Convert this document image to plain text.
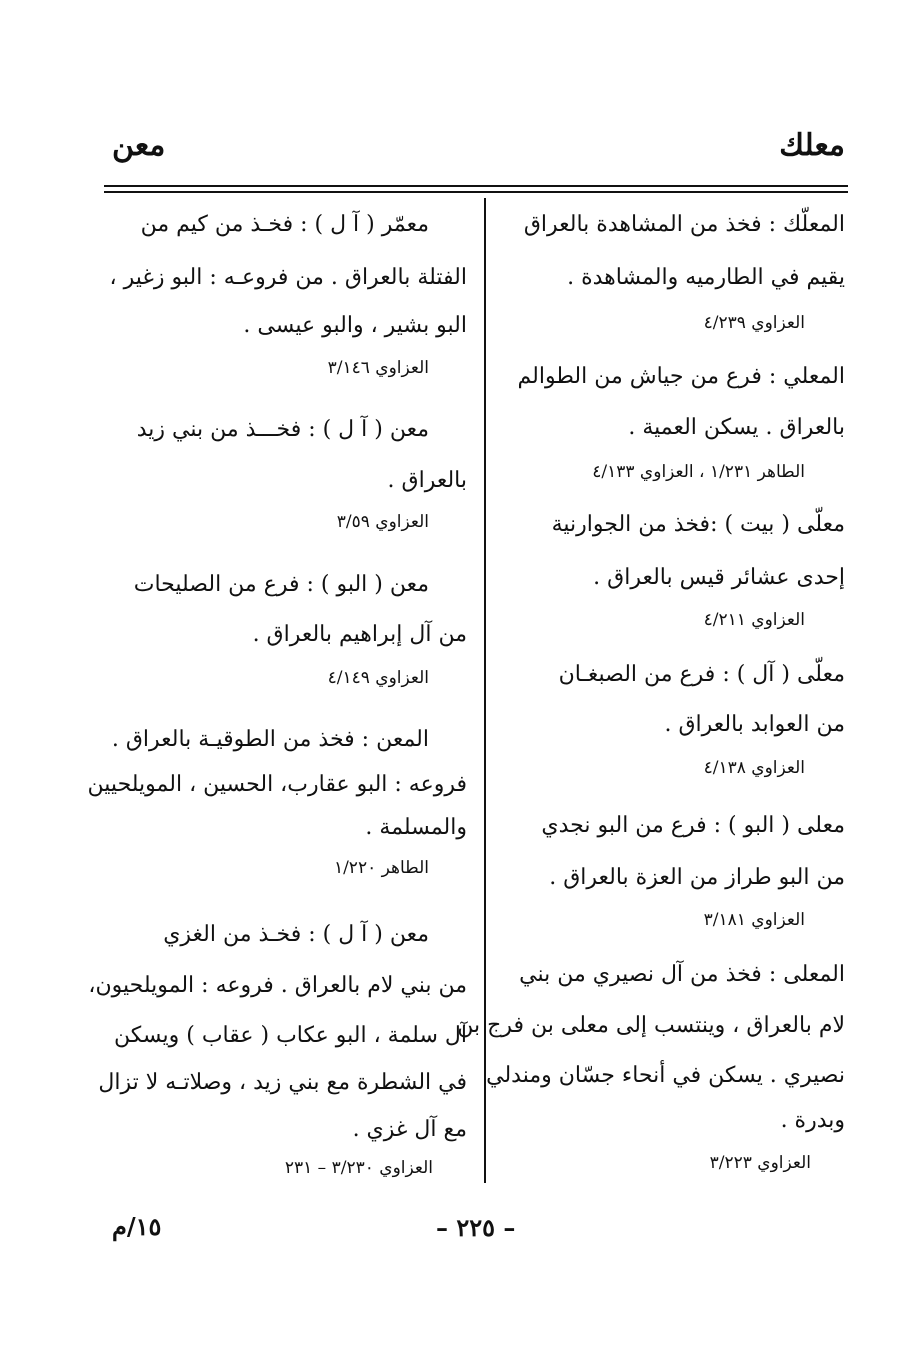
معلك
معن
المعلّك : فخذ من المشاهدة بالعراق
يقيم في الطارميه والمشاهدة .
العزاوي ٤/٢٣٩
المعلي : فرع من جياش من الطوالم
بالعراق . يسكن العمية .
الطاهر ١/٢٣١ ، العزاوي ٤/١٣٣
معلّى ( بيت ) :فخذ من الجوارنية
إحدى عشائر قيس بالعراق .
العزاوي ٤/٢١١
معلّى ( آل ) : فرع من الصبغـان
من العوابد بالعراق .
العزاوي ٤/١٣٨
معلى ( البو ) : فرع من البو نجدي
من البو طراز من العزة بالعراق .
العزاوي ٣/١٨١
المعلى : فخذ من آل نصيري من بني
لام بالعراق ، وينتسب إلى معلى بن فرج بن
نصيري . يسكن في أنحاء جسّان ومندلي
وبدرة .
العزاوي ٣/٢٢٣
معمّر ( آ ل ) : فخـذ من كيم من
الفتلة بالعراق . من فروعـه : البو زغير ،
البو بشير ، والبو عيسى .
العزاوي ٣/١٤٦
معن ( آ ل ) : فخـــذ من بني زيد
بالعراق .
العزاوي ٣/٥٩
معن ( البو ) : فرع من الصليحات
من آل إبراهيم بالعراق .
العزاوي ٤/١٤٩
المعن : فخذ من الطوقيـة بالعراق .
فروعه : البو عقارب، الحسين ، المويلحيين
والمسلمة .
الطاهر ١/٢٢٠
معن ( آ ل ) : فخـذ من الغزي
من بني لام بالعراق . فروعه : المويلحيون،
آل سلمة ، البو عكاب ( عقاب ) ويسكن
في الشطرة مع بني زيد ، وصلاتـه لا تزال
مع آل غزي .
العزاوي ٣/٢٣٠ – ٢٣١
– ٢٢٥ –
١٥/م
